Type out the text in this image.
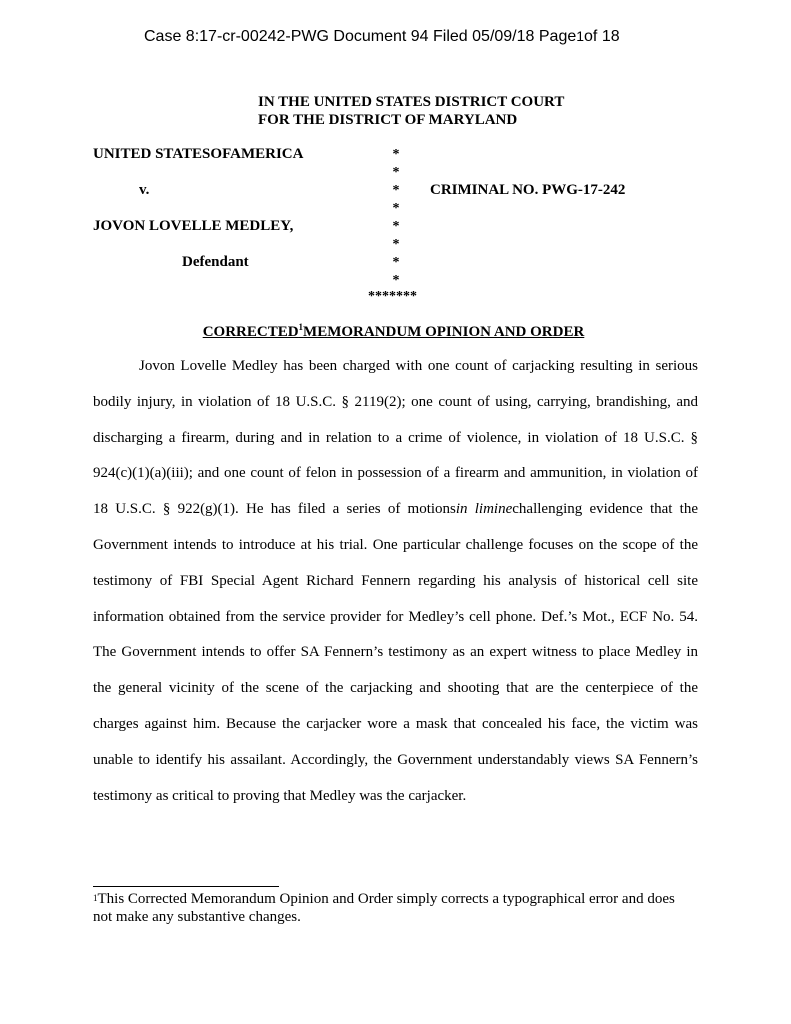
Case 8:17-cr-00242-PWG Document 94 Filed 05/09/18 Page1of 18
IN THE UNITED STATES DISTRICT COURT
FOR THE DISTRICT OF MARYLAND
UNITED STATESOFAMERICA
v.
JOVON LOVELLE MEDLEY,
Defendant
*
*
*
*
*
*
*
*
*******
CRIMINAL NO. PWG-17-242
CORRECTED$^1$MEMORANDUM OPINION AND ORDER

Jovon Lovelle Medley has been charged with one count of carjacking resulting in serious bodily injury, in violation of 18 U.S.C. § 2119(2); one count of using, carrying, brandishing, and discharging a firearm, during and in relation to a crime of violence, in violation of 18 U.S.C. § 924(c)(1)(a)(iii); and one count of felon in possession of a firearm and ammunition, in violation of 18 U.S.C. § 922(g)(1). He has filed a series of motionsin liminechallenging evidence that the Government intends to introduce at his trial. One particular challenge focuses on the scope of the testimony of FBI Special Agent Richard Fennern regarding his analysis of historical cell site information obtained from the service provider for Medley’s cell phone. Def.’s Mot., ECF No. 54. The Government intends to offer SA Fennern’s testimony as an expert witness to place Medley in the general vicinity of the scene of the carjacking and shooting that are the centerpiece of the charges against him. Because the carjacker wore a mask that concealed his face, the victim was unable to identify his assailant. Accordingly, the Government understandably views SA Fennern’s testimony as critical to proving that Medley was the carjacker.

$^1$This Corrected Memorandum Opinion and Order simply corrects a typographical error and does not make any substantive changes.
